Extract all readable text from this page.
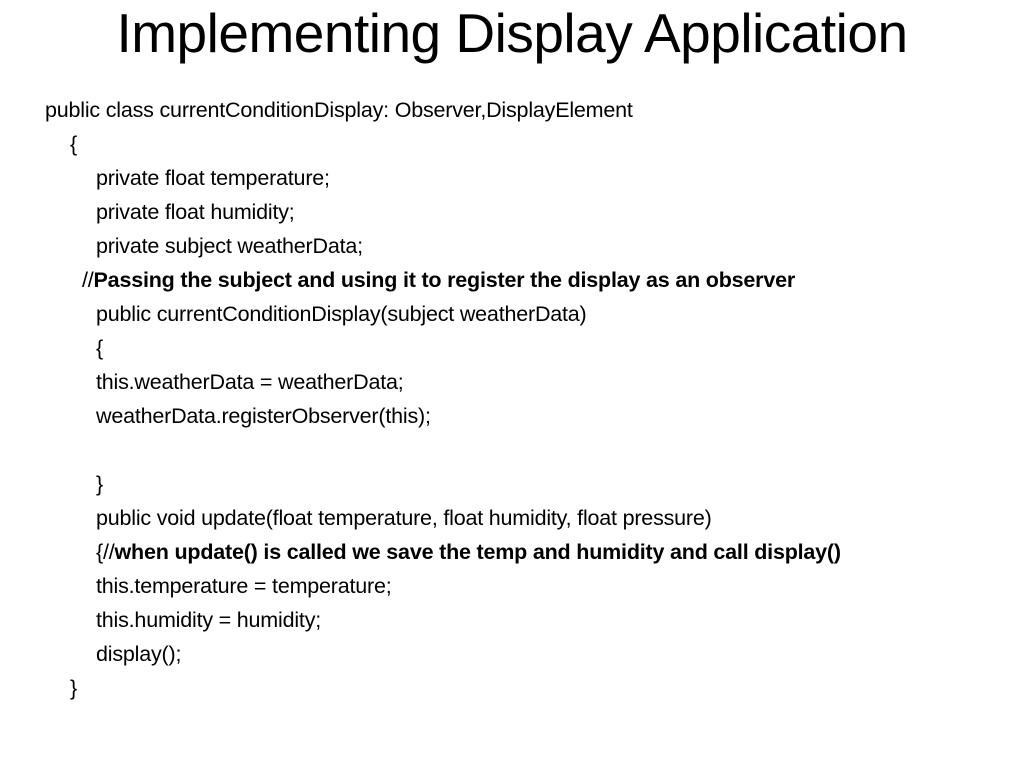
Implementing Display Application
public class currentConditionDisplay: Observer,DisplayElement
{
private float temperature;
private float humidity;
private subject weatherData;
//Passing the subject and using it to register the display as an observer
public currentConditionDisplay(subject weatherData)
{
this.weatherData = weatherData;
weatherData.registerObserver(this);
}
public void update(float temperature, float humidity, float pressure)
{//when update() is called we save the temp and humidity and call display()
this.temperature = temperature;
this.humidity = humidity;
display();
}
